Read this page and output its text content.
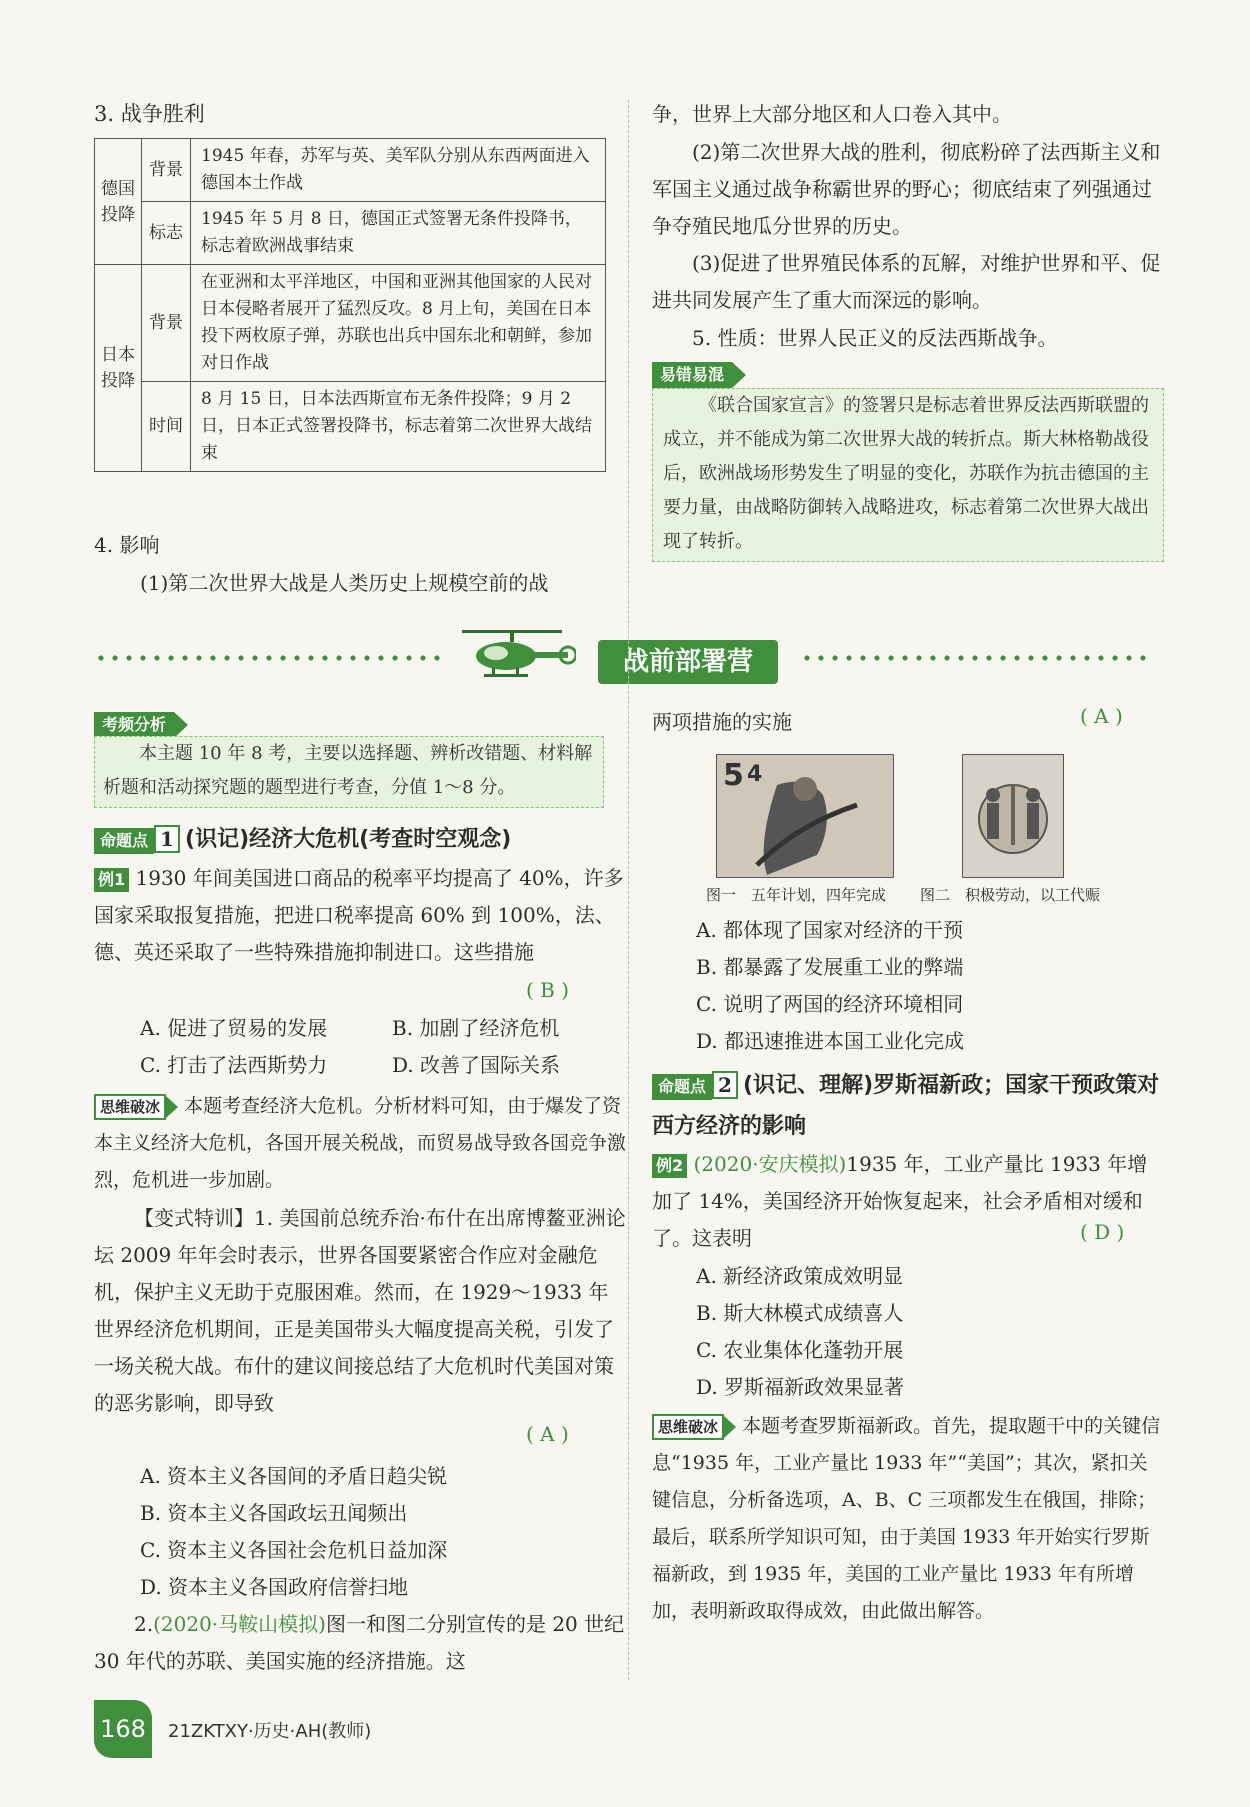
3. 战争胜利
德国投降	背景	1945 年春，苏军与英、美军队分别从东西两面进入德国本土作战
	标志	1945 年 5 月 8 日，德国正式签署无条件投降书，标志着欧洲战事结束
日本投降	背景	在亚洲和太平洋地区，中国和亚洲其他国家的人民对日本侵略者展开了猛烈反攻。8 月上旬，美国在日本投下两枚原子弹，苏联也出兵中国东北和朝鲜，参加对日作战
	时间	8 月 15 日，日本法西斯宣布无条件投降；9 月 2 日，日本正式签署投降书，标志着第二次世界大战结束
4. 影响
(1)第二次世界大战是人类历史上规模空前的战
争，世界上大部分地区和人口卷入其中。
(2)第二次世界大战的胜利，彻底粉碎了法西斯主义和军国主义通过战争称霸世界的野心；彻底结束了列强通过争夺殖民地瓜分世界的历史。
(3)促进了世界殖民体系的瓦解，对维护世界和平、促进共同发展产生了重大而深远的影响。
5. 性质：世界人民正义的反法西斯战争。
易错易混
《联合国家宣言》的签署只是标志着世界反法西斯联盟的成立，并不能成为第二次世界大战的转折点。斯大林格勒战役后，欧洲战场形势发生了明显的变化，苏联作为抗击德国的主要力量，由战略防御转入战略进攻，标志着第二次世界大战出现了转折。
战前部署营
考频分析
本主题 10 年 8 考，主要以选择题、辨析改错题、材料解析题和活动探究题的题型进行考查，分值 1～8 分。
命题点 1 (识记)经济大危机(考查时空观念)
例1 1930 年间美国进口商品的税率平均提高了 40%，许多国家采取报复措施，把进口税率提高 60% 到 100%，法、德、英还采取了一些特殊措施抑制进口。这些措施
( B )
A. 促进了贸易的发展	B. 加剧了经济危机
C. 打击了法西斯势力	D. 改善了国际关系
思维破冰 本题考查经济大危机。分析材料可知，由于爆发了资本主义经济大危机，各国开展关税战，而贸易战导致各国竞争激烈，危机进一步加剧。
【变式特训】1. 美国前总统乔治·布什在出席博鳌亚洲论坛 2009 年年会时表示，世界各国要紧密合作应对金融危机，保护主义无助于克服困难。然而，在 1929～1933 年世界经济危机期间，正是美国带头大幅度提高关税，引发了一场关税大战。布什的建议间接总结了大危机时代美国对策的恶劣影响，即导致
( A )
A. 资本主义各国间的矛盾日趋尖锐
B. 资本主义各国政坛丑闻频出
C. 资本主义各国社会危机日益加深
D. 资本主义各国政府信誉扫地
2.(2020·马鞍山模拟)图一和图二分别宣传的是 20 世纪 30 年代的苏联、美国实施的经济措施。这
两项措施的实施	( A )
5 4
图一　五年计划，四年完成 图二　积极劳动，以工代赈
A. 都体现了国家对经济的干预
B. 都暴露了发展重工业的弊端
C. 说明了两国的经济环境相同
D. 都迅速推进本国工业化完成
命题点 2 (识记、理解)罗斯福新政；国家干预政策对西方经济的影响
例2 (2020·安庆模拟)1935 年，工业产量比 1933 年增加了 14%，美国经济开始恢复起来，社会矛盾相对缓和了。这表明	( D )
A. 新经济政策成效明显
B. 斯大林模式成绩喜人
C. 农业集体化蓬勃开展
D. 罗斯福新政效果显著
思维破冰 本题考查罗斯福新政。首先，提取题干中的关键信息“1935 年，工业产量比 1933 年”“美国”；其次，紧扣关键信息，分析备选项，A、B、C 三项都发生在俄国，排除；最后，联系所学知识可知，由于美国 1933 年开始实行罗斯福新政，到 1935 年，美国的工业产量比 1933 年有所增加，表明新政取得成效，由此做出解答。
168	21ZKTXY·历史·AH(教师)
